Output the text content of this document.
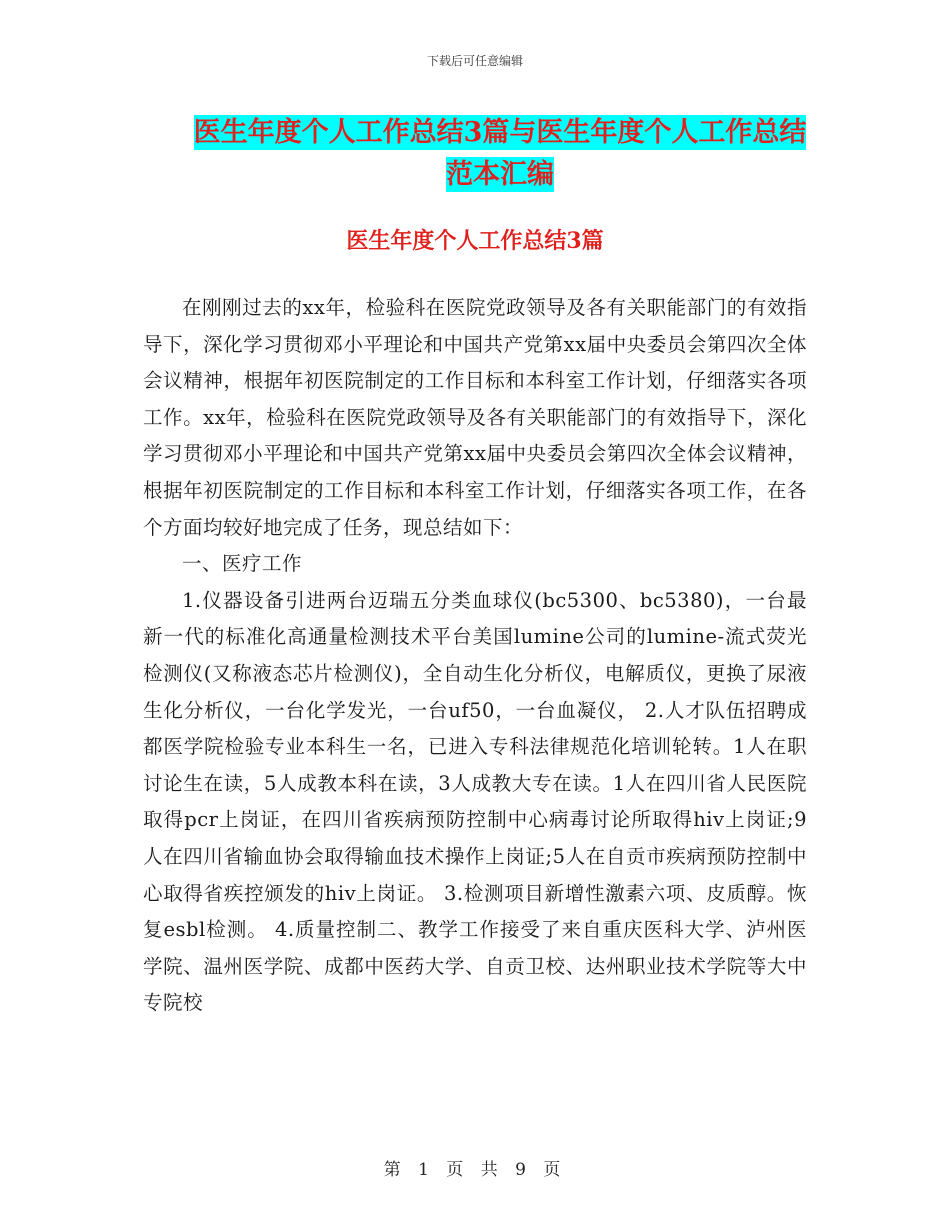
下载后可任意编辑
医生年度个人工作总结3篇与医生年度个人工作总结
范本汇编
医生年度个人工作总结3篇

在刚刚过去的xx年，检验科在医院党政领导及各有关职能部门的有效指导下，深化学习贯彻邓小平理论和中国共产党第xx届中央委员会第四次全体会议精神，根据年初医院制定的工作目标和本科室工作计划，仔细落实各项工作。xx年，检验科在医院党政领导及各有关职能部门的有效指导下，深化学习贯彻邓小平理论和中国共产党第xx届中央委员会第四次全体会议精神，根据年初医院制定的工作目标和本科室工作计划，仔细落实各项工作，在各个方面均较好地完成了任务，现总结如下：

一、医疗工作

1.仪器设备引进两台迈瑞五分类血球仪(bc5300、bc5380)，一台最新一代的标准化高通量检测技术平台美国lumine公司的lumine-流式荧光检测仪(又称液态芯片检测仪)，全自动生化分析仪，电解质仪，更换了尿液生化分析仪，一台化学发光，一台uf50，一台血凝仪， 2.人才队伍招聘成都医学院检验专业本科生一名，已进入专科法律规范化培训轮转。1人在职讨论生在读，5人成教本科在读，3人成教大专在读。1人在四川省人民医院取得pcr上岗证，在四川省疾病预防控制中心病毒讨论所取得hiv上岗证;9人在四川省输血协会取得输血技术操作上岗证;5人在自贡市疾病预防控制中心取得省疾控颁发的hiv上岗证。 3.检测项目新增性激素六项、皮质醇。恢复esbl检测。 4.质量控制二、教学工作接受了来自重庆医科大学、泸州医学院、温州医学院、成都中医药大学、自贡卫校、达州职业技术学院等大中专院校

第 1 页 共 9 页
